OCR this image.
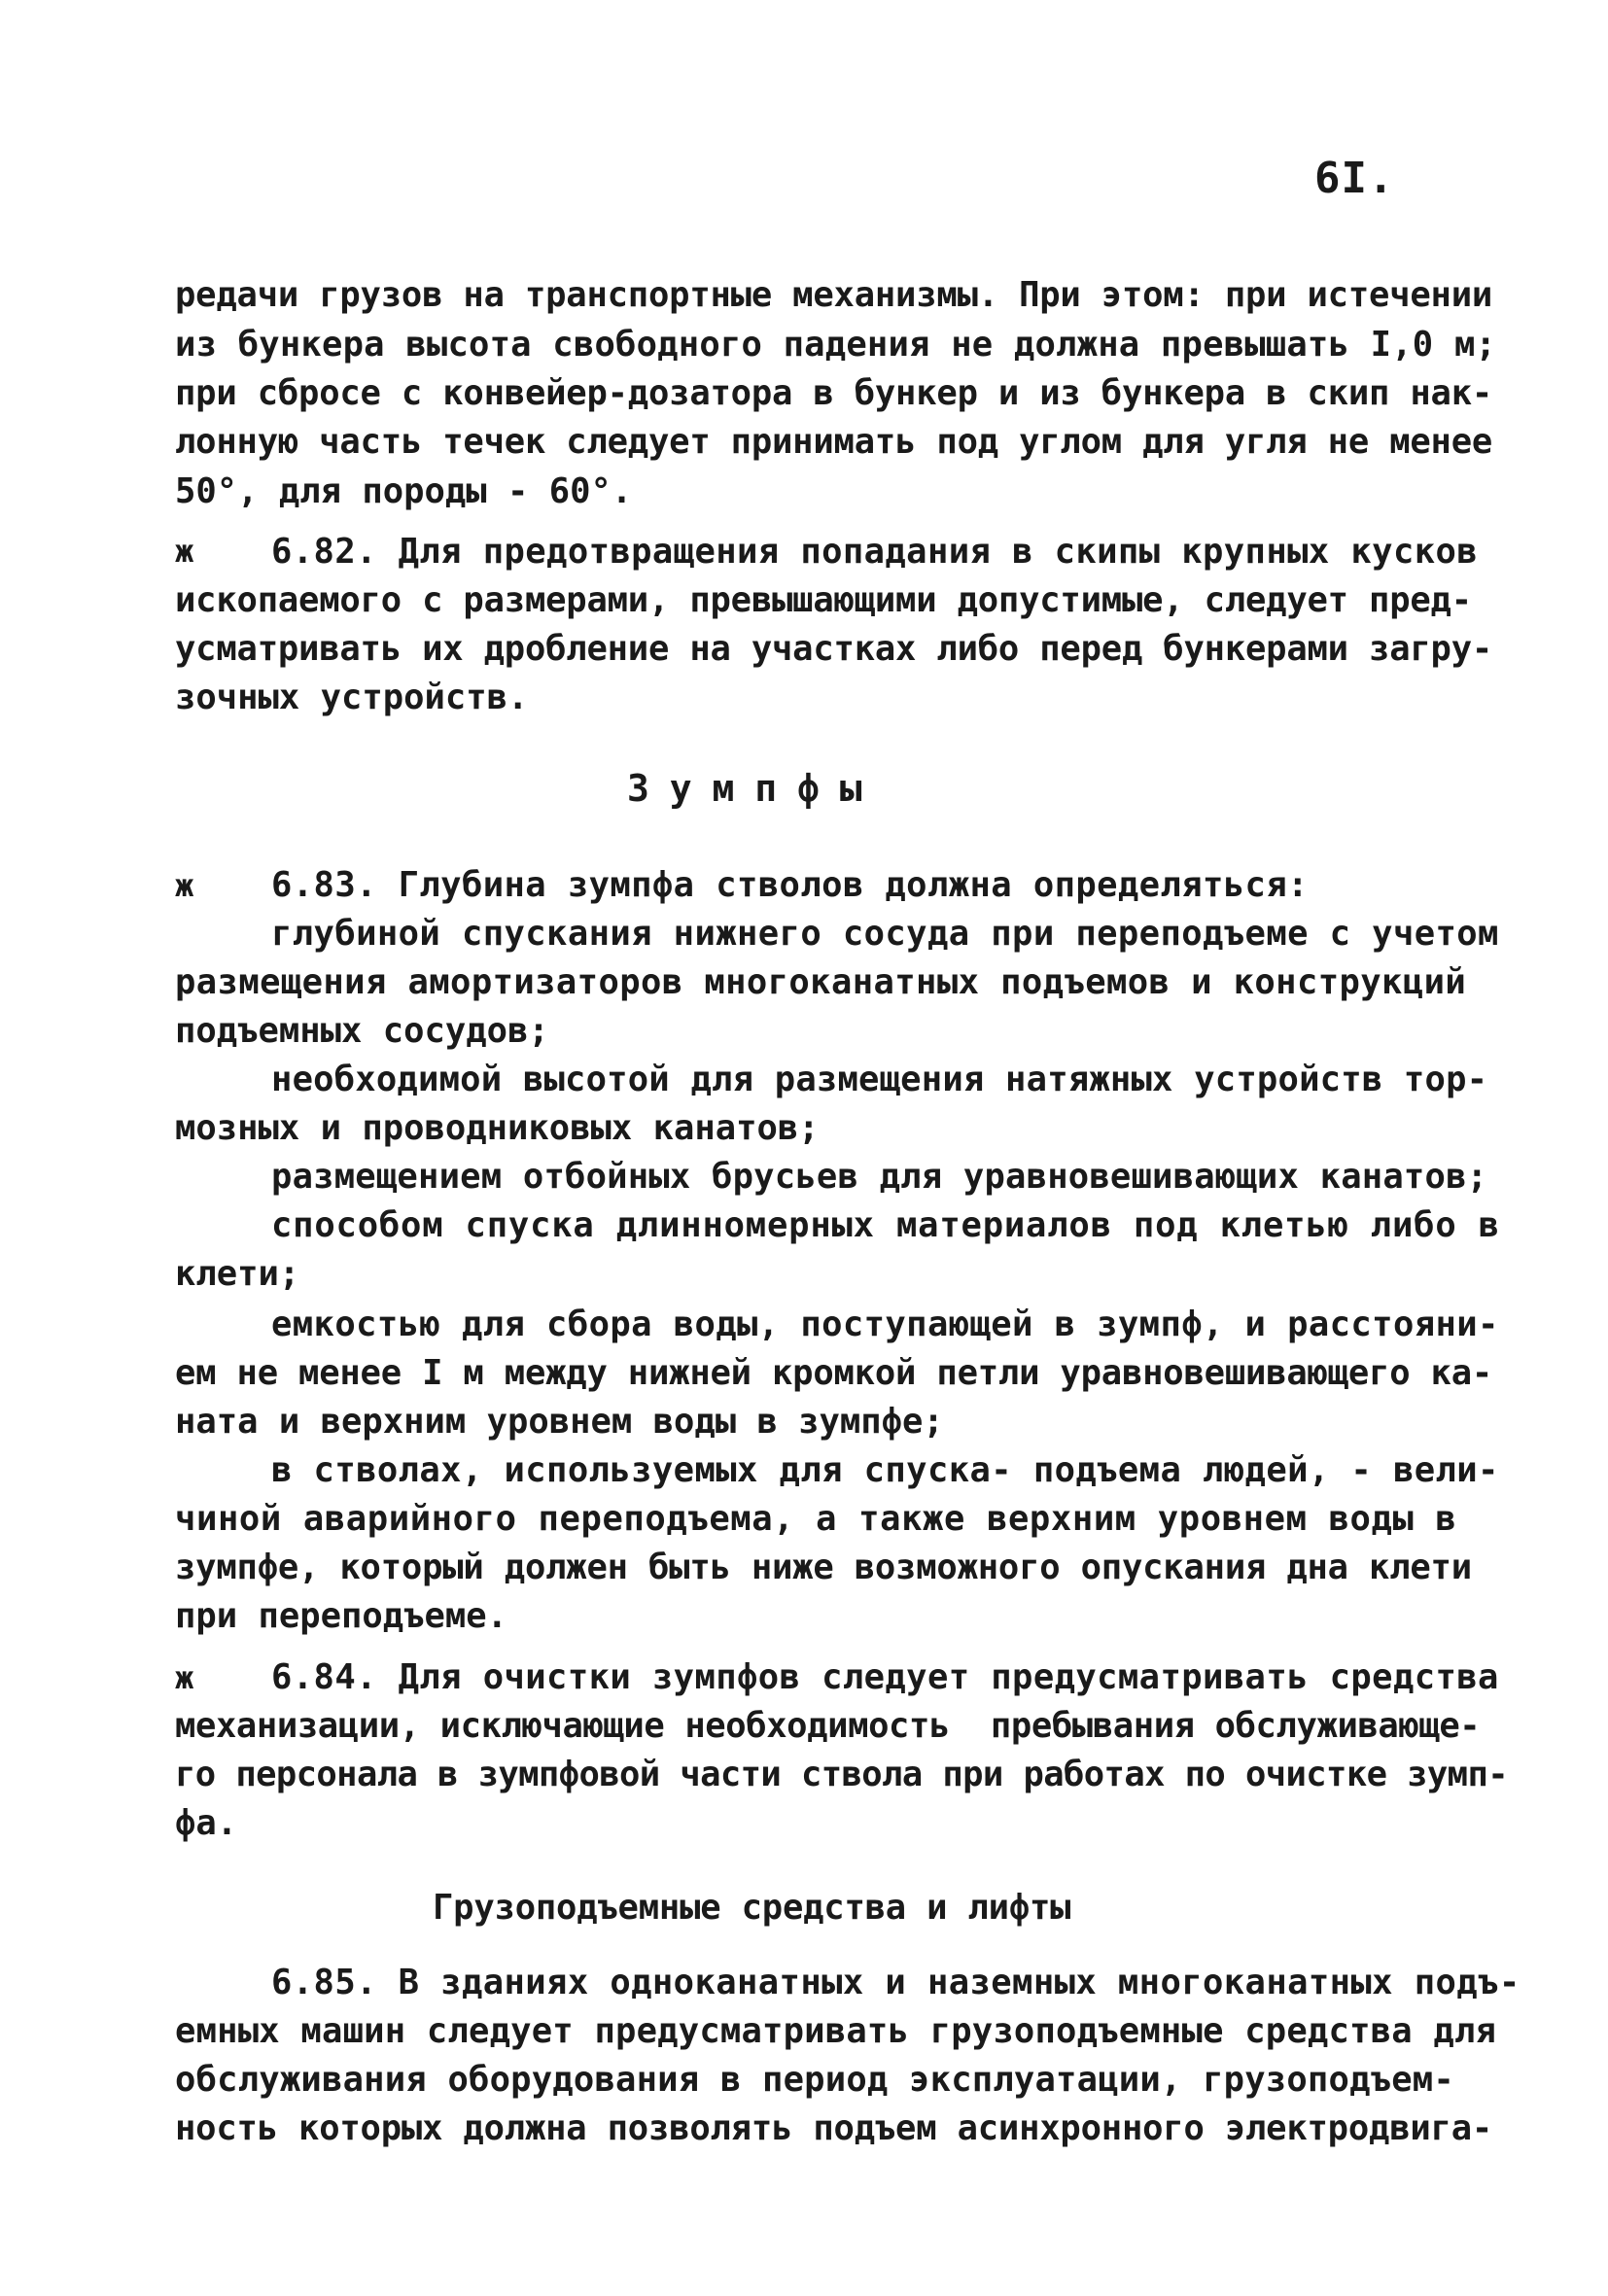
6I.
редачи грузов на транспортные механизмы. При этом: при истечении
из бункера высота свободного падения не должна превышать I,0 м;
при сбросе с конвейер-дозатора в бункер и из бункера в скип нак-
лонную часть течек следует принимать под углом для угля не менее
50°, для породы - 60°.
ж 6.82. Для предотвращения попадания в скипы крупных кусков
ископаемого с размерами, превышающими допустимые, следует пред-
усматривать их дробление на участках либо перед бункерами загру-
зочных устройств.
З у м п ф ы
ж 6.83. Глубина зумпфа стволов должна определяться:
глубиной спускания нижнего сосуда при переподъеме с учетом
размещения амортизаторов многоканатных подъемов и конструкций
подъемных сосудов;
необходимой высотой для размещения натяжных устройств тор-
мозных и проводниковых канатов;
размещением отбойных брусьев для уравновешивающих канатов;
способом спуска длинномерных материалов под клетью либо в
клети;
емкостью для сбора воды, поступающей в зумпф, и расстояни-
ем не менее I м между нижней кромкой петли уравновешивающего ка-
ната и верхним уровнем воды в зумпфе;
в стволах, используемых для спуска- подъема людей, - вели-
чиной аварийного переподъема, а также верхним уровнем воды в
зумпфе, который должен быть ниже возможного опускания дна клети
при переподъеме.
ж 6.84. Для очистки зумпфов следует предусматривать средства
механизации, исключающие необходимость  пребывания обслуживающе-
го персонала в зумпфовой части ствола при работах по очистке зумп-
фа.
Грузоподъемные средства и лифты
6.85. В зданиях одноканатных и наземных многоканатных подъ-
емных машин следует предусматривать грузоподъемные средства для
обслуживания оборудования в период эксплуатации, грузоподъем-
ность которых должна позволять подъем асинхронного электродвига-
